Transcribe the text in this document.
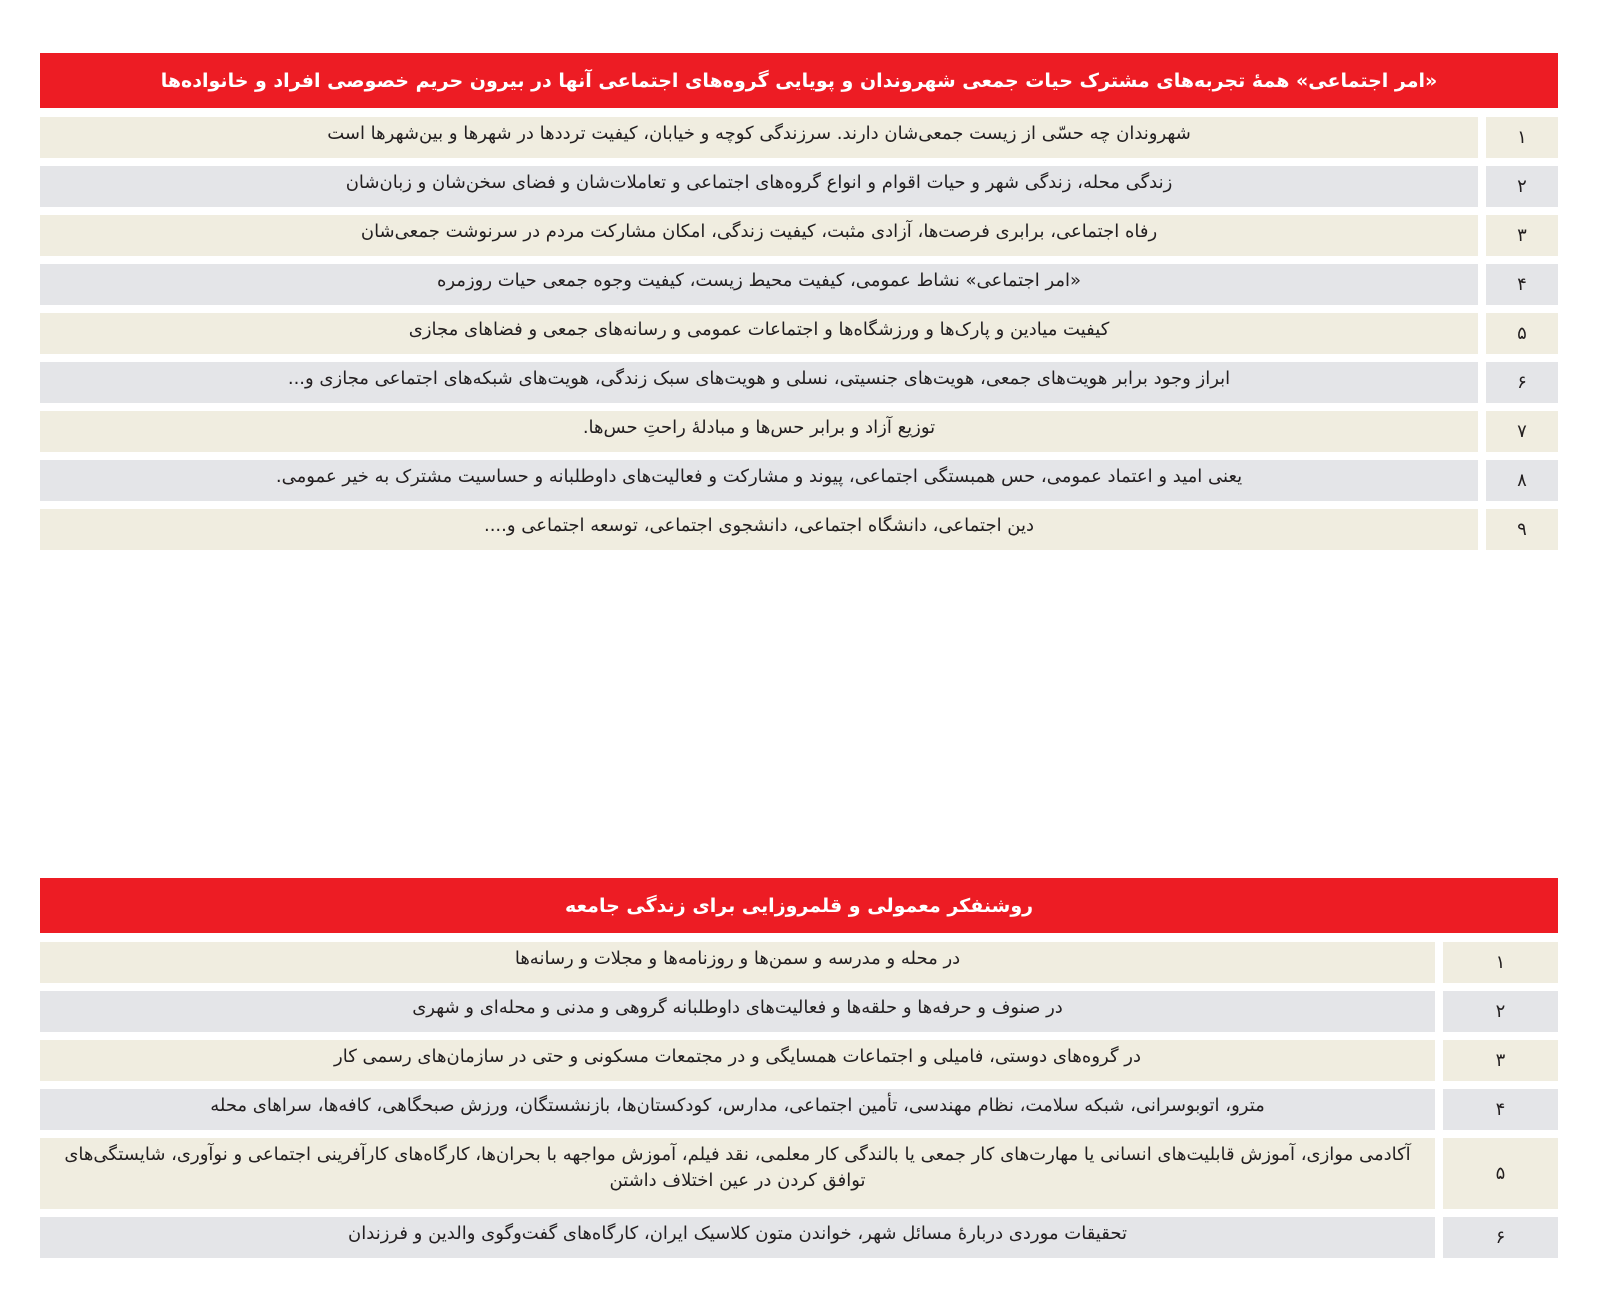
«امر اجتماعی» همهٔ تجربه‌های مشترک حیات جمعی شهروندان و پویایی گروه‌های اجتماعی آنها در بیرون حریم خصوصی افراد و خانواده‌ها
۱
شهروندان چه حسّی از زیست جمعی‌شان دارند. سرزندگی کوچه و خیابان، کیفیت ترددها در شهرها و بین‌شهرها است
۲
زندگی محله، زندگی شهر و حیات اقوام و انواع گروه‌های اجتماعی و تعاملات‌شان و فضای سخن‌شان و زبان‌شان
۳
رفاه اجتماعی، برابری فرصت‌ها، آزادی مثبت، کیفیت زندگی، امکان مشارکت مردم در سرنوشت جمعی‌شان
۴
«امر اجتماعی» نشاط عمومی، کیفیت محیط زیست، کیفیت وجوه جمعی حیات روزمره
۵
کیفیت میادین و پارک‌ها و ورزشگاه‌ها و اجتماعات عمومی و رسانه‌های جمعی و فضاهای مجازی
۶
ابراز وجود برابر هویت‌های جمعی، هویت‌های جنسیتی، نسلی و هویت‌های سبک زندگی، هویت‌های شبکه‌های اجتماعی مجازی و...
۷
توزیع آزاد و برابر حس‌ها و مبادلهٔ راحتِ حس‌ها.
۸
یعنی امید و اعتماد عمومی، حس همبستگی اجتماعی، پیوند و مشارکت و فعالیت‌های داوطلبانه و حساسیت مشترک به خیر عمومی.
۹
دین اجتماعی، دانشگاه اجتماعی، دانشجوی اجتماعی، توسعه اجتماعی و....
روشنفکر معمولی و قلمروزایی برای زندگی جامعه
۱
در محله و مدرسه و سمن‌ها و روزنامه‌ها و مجلات و رسانه‌ها
۲
در صنوف و حرفه‌ها و حلقه‌ها و فعالیت‌های داوطلبانه گروهی و مدنی و محله‌ای و شهری
۳
در گروه‌های دوستی، فامیلی و اجتماعات همسایگی و در مجتمعات مسکونی و حتی در سازمان‌های رسمی کار
۴
مترو، اتوبوسرانی، شبکه سلامت، نظام مهندسی، تأمین اجتماعی، مدارس، کودکستان‌ها، بازنشستگان، ورزش صبحگاهی، کافه‌ها، سراهای محله
۵
آکادمی موازی، آموزش قابلیت‌های انسانی یا مهارت‌های کار جمعی یا بالندگی کار معلمی، نقد فیلم، آموزش مواجهه با بحران‌ها، کارگاه‌های کارآفرینی اجتماعی و نوآوری، شایستگی‌های توافق کردن در عین اختلاف داشتن
۶
تحقیقات موردی دربارهٔ مسائل شهر، خواندن متون کلاسیک ایران، کارگاه‌های گفت‌وگوی والدین و فرزندان
